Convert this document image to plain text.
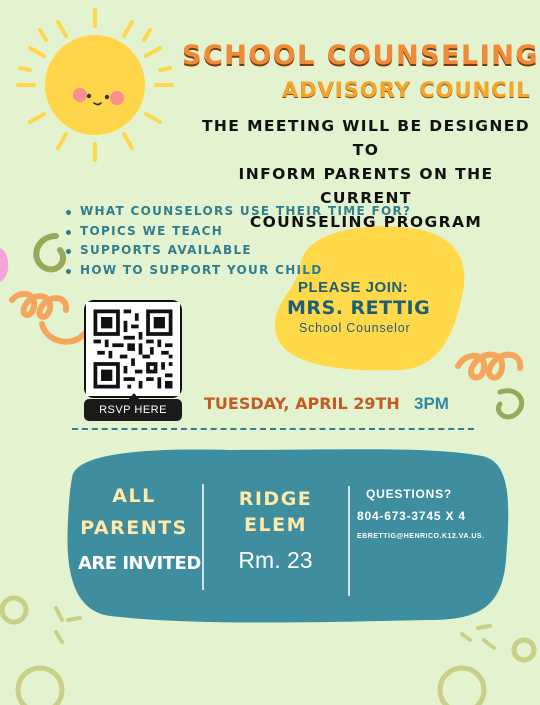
SCHOOL COUNSELING
ADVISORY COUNCIL
THE MEETING WILL BE DESIGNED TO
INFORM PARENTS ON THE CURRENT
COUNSELING PROGRAM
WHAT COUNSELORS USE THEIR TIME FOR?
TOPICS WE TEACH
SUPPORTS AVAILABLE
HOW TO SUPPORT YOUR CHILD
PLEASE JOIN:
MRS. RETTIG
School Counselor
RSVP HERE	TUESDAY, APRIL 29TH 3PM
ALL
PARENTS
ARE INVITED
RIDGE
ELEM
Rm. 23
QUESTIONS?
804-673-3745 X 4
EBRETTIG@HENRICO.K12.VA.US.
